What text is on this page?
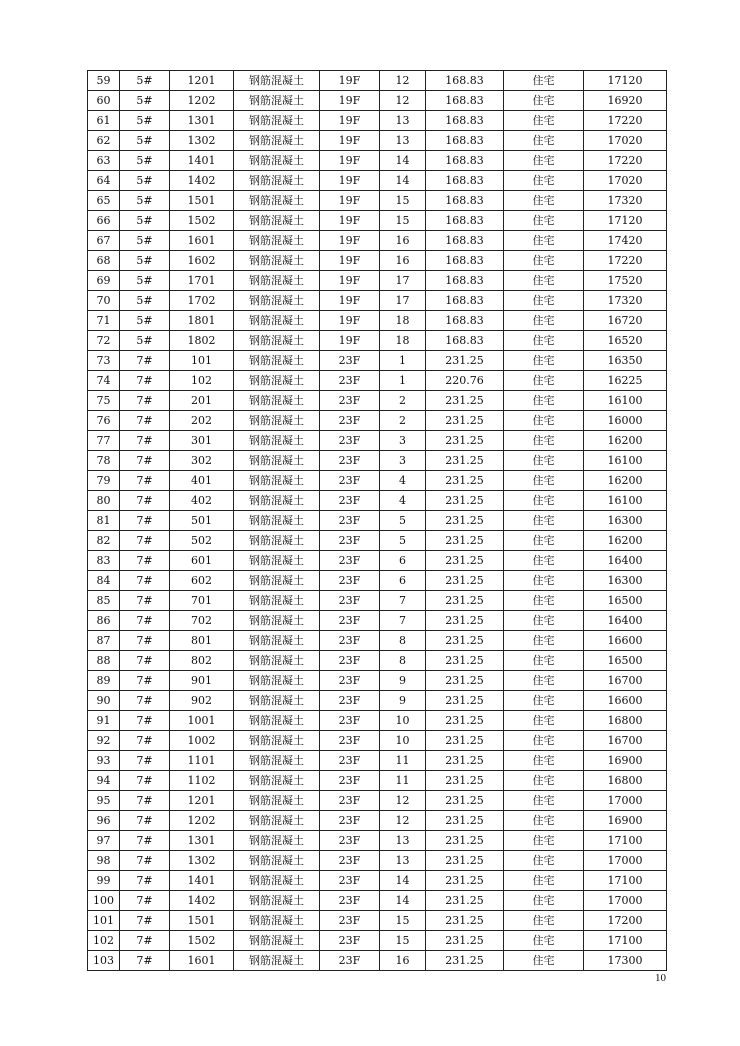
59	5#	1201	钢筋混凝土	19F	12	168.83	住宅	17120
60	5#	1202	钢筋混凝土	19F	12	168.83	住宅	16920
61	5#	1301	钢筋混凝土	19F	13	168.83	住宅	17220
62	5#	1302	钢筋混凝土	19F	13	168.83	住宅	17020
63	5#	1401	钢筋混凝土	19F	14	168.83	住宅	17220
64	5#	1402	钢筋混凝土	19F	14	168.83	住宅	17020
65	5#	1501	钢筋混凝土	19F	15	168.83	住宅	17320
66	5#	1502	钢筋混凝土	19F	15	168.83	住宅	17120
67	5#	1601	钢筋混凝土	19F	16	168.83	住宅	17420
68	5#	1602	钢筋混凝土	19F	16	168.83	住宅	17220
69	5#	1701	钢筋混凝土	19F	17	168.83	住宅	17520
70	5#	1702	钢筋混凝土	19F	17	168.83	住宅	17320
71	5#	1801	钢筋混凝土	19F	18	168.83	住宅	16720
72	5#	1802	钢筋混凝土	19F	18	168.83	住宅	16520
73	7#	101	钢筋混凝土	23F	1	231.25	住宅	16350
74	7#	102	钢筋混凝土	23F	1	220.76	住宅	16225
75	7#	201	钢筋混凝土	23F	2	231.25	住宅	16100
76	7#	202	钢筋混凝土	23F	2	231.25	住宅	16000
77	7#	301	钢筋混凝土	23F	3	231.25	住宅	16200
78	7#	302	钢筋混凝土	23F	3	231.25	住宅	16100
79	7#	401	钢筋混凝土	23F	4	231.25	住宅	16200
80	7#	402	钢筋混凝土	23F	4	231.25	住宅	16100
81	7#	501	钢筋混凝土	23F	5	231.25	住宅	16300
82	7#	502	钢筋混凝土	23F	5	231.25	住宅	16200
83	7#	601	钢筋混凝土	23F	6	231.25	住宅	16400
84	7#	602	钢筋混凝土	23F	6	231.25	住宅	16300
85	7#	701	钢筋混凝土	23F	7	231.25	住宅	16500
86	7#	702	钢筋混凝土	23F	7	231.25	住宅	16400
87	7#	801	钢筋混凝土	23F	8	231.25	住宅	16600
88	7#	802	钢筋混凝土	23F	8	231.25	住宅	16500
89	7#	901	钢筋混凝土	23F	9	231.25	住宅	16700
90	7#	902	钢筋混凝土	23F	9	231.25	住宅	16600
91	7#	1001	钢筋混凝土	23F	10	231.25	住宅	16800
92	7#	1002	钢筋混凝土	23F	10	231.25	住宅	16700
93	7#	1101	钢筋混凝土	23F	11	231.25	住宅	16900
94	7#	1102	钢筋混凝土	23F	11	231.25	住宅	16800
95	7#	1201	钢筋混凝土	23F	12	231.25	住宅	17000
96	7#	1202	钢筋混凝土	23F	12	231.25	住宅	16900
97	7#	1301	钢筋混凝土	23F	13	231.25	住宅	17100
98	7#	1302	钢筋混凝土	23F	13	231.25	住宅	17000
99	7#	1401	钢筋混凝土	23F	14	231.25	住宅	17100
100	7#	1402	钢筋混凝土	23F	14	231.25	住宅	17000
101	7#	1501	钢筋混凝土	23F	15	231.25	住宅	17200
102	7#	1502	钢筋混凝土	23F	15	231.25	住宅	17100
103	7#	1601	钢筋混凝土	23F	16	231.25	住宅	17300
10
